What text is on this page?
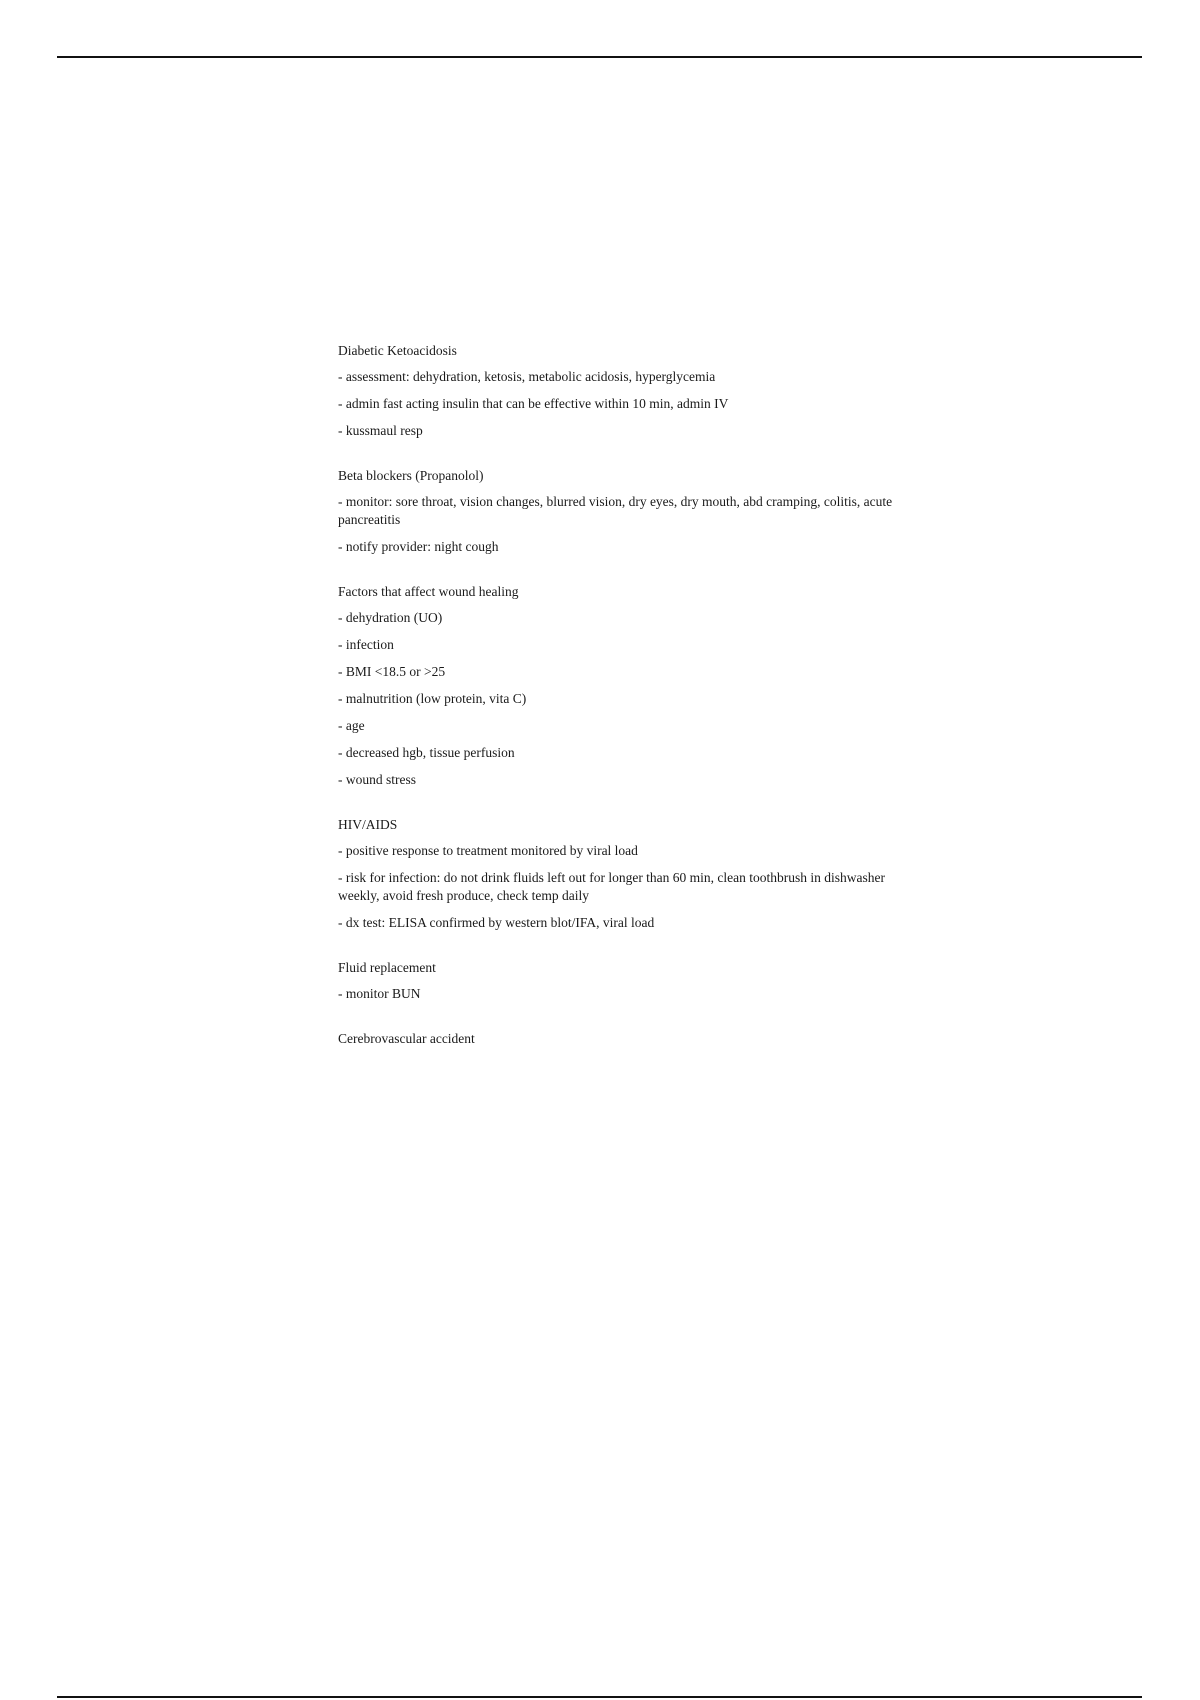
Diabetic Ketoacidosis

- assessment: dehydration, ketosis, metabolic acidosis, hyperglycemia

- admin fast acting insulin that can be effective within 10 min, admin IV

- kussmaul resp

Beta blockers (Propanolol)

- monitor: sore throat, vision changes, blurred vision, dry eyes, dry mouth, abd cramping, colitis, acute pancreatitis

- notify provider: night cough

Factors that affect wound healing

- dehydration (UO)

- infection

- BMI <18.5 or >25

- malnutrition (low protein, vita C)

- age

- decreased hgb, tissue perfusion

- wound stress

HIV/AIDS

- positive response to treatment monitored by viral load

- risk for infection: do not drink fluids left out for longer than 60 min, clean toothbrush in dishwasher weekly, avoid fresh produce, check temp daily

- dx test: ELISA confirmed by western blot/IFA, viral load

Fluid replacement

- monitor BUN

Cerebrovascular accident
